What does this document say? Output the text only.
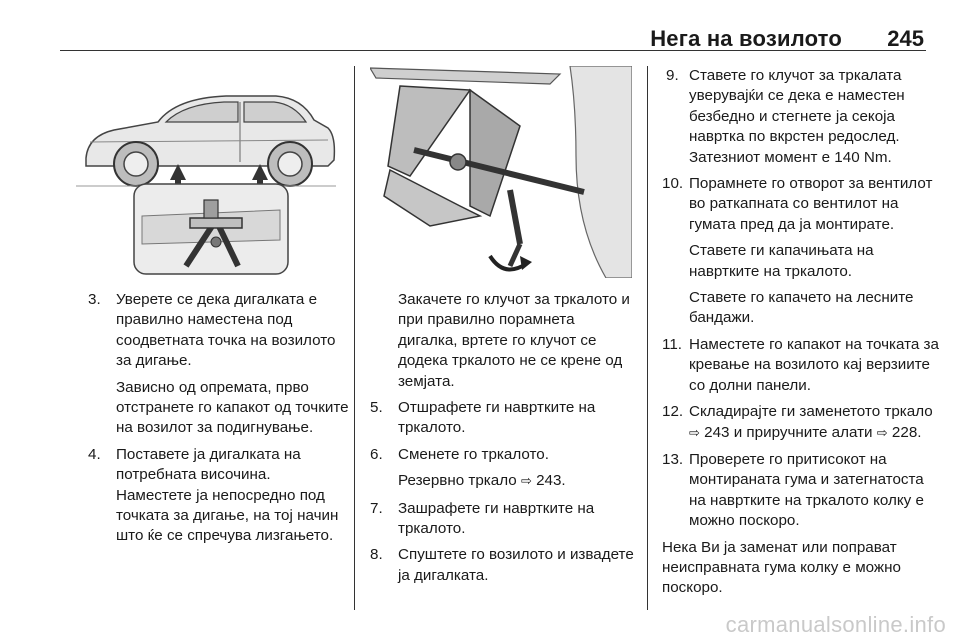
Нега на возилото 245
3. Уверете се дека дигалката е правилно наместена под соодветната точка на возилото за дигање.

Зависно од опремата, прво отстранете го капакот од точките на возилот за подигнување.

4. Поставете ја дигалката на потребната височина. Наместете ја непосредно под точката за дигање, на тој начин што ќе се спречува лизгањето.

Закачете го клучот за тркалото и при правилно порамнета дигалка, вртете го клучот се додека тркалото не се крене од земјата.

5. Отшрафете ги навртките на тркалото.
6. Сменете го тркалото.

Резервно тркало ⇨ 243.

7. Зашрафете ги навртките на тркалото.
8. Спуштете го возилото и извадете ја дигалката.
9. Ставете го клучот за тркалата уверувајќи се дека е наместен безбедно и стегнете ја секоја навртка по вкрстен редослед. Затезниот момент е 140 Nm.
10. Порамнете го отворот за вентилот во раткапната со вентилот на гумата пред да ја монтирате.

Ставете ги капачињата на навртките на тркалото.

Ставете го капачето на лесните бандажи.

11. Наместете го капакот на точката за кревање на возилото кај верзиите со долни панели.
12. Складирајте ги заменетото тркало ⇨ 243 и приручните алати ⇨ 228.
13. Проверете го притисокот на монтираната гума и затегнатоста на навртките на тркалото колку е можно поскоро.

Нека Ви ја заменат или поправат неисправната гума колку е можно поскоро.

carmanualsonline.info
